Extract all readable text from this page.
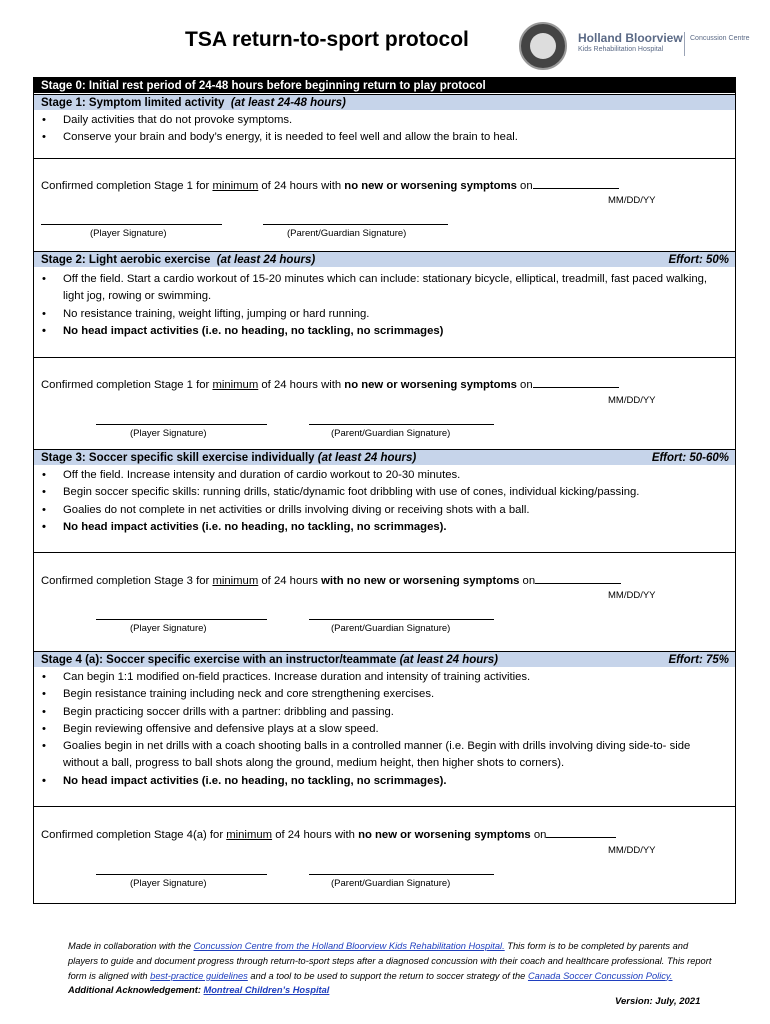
TSA return-to-sport protocol	Holland Bloorview
Kids Rehabilitation Hospital
Concussion Centre
Stage 0: Initial rest period of 24-48 hours before beginning return to play protocol
Stage 1: Symptom limited activity (at least 24-48 hours)
• Daily activities that do not provoke symptoms.
• Conserve your brain and body’s energy, it is needed to feel well and allow the brain to heal.
Confirmed completion Stage 1 for minimum of 24 hours with no new or worsening symptoms on
MM/DD/YY
(Player Signature)	(Parent/Guardian Signature)
Stage 2: Light aerobic exercise (at least 24 hours)	Effort: 50%
• Off the field. Start a cardio workout of 15-20 minutes which can include: stationary bicycle, elliptical, treadmill, fast paced walking, light jog, rowing or swimming.
• No resistance training, weight lifting, jumping or hard running.
• No head impact activities (i.e. no heading, no tackling, no scrimmages)
Confirmed completion Stage 1 for minimum of 24 hours with no new or worsening symptoms on
MM/DD/YY
(Player Signature)	(Parent/Guardian Signature)
Stage 3: Soccer specific skill exercise individually (at least 24 hours)	Effort: 50-60%
• Off the field. Increase intensity and duration of cardio workout to 20-30 minutes.
• Begin soccer specific skills: running drills, static/dynamic foot dribbling with use of cones, individual kicking/passing.
• Goalies do not complete in net activities or drills involving diving or receiving shots with a ball.
• No head impact activities (i.e. no heading, no tackling, no scrimmages).
Confirmed completion Stage 3 for minimum of 24 hours with no new or worsening symptoms on
MM/DD/YY
(Player Signature)	(Parent/Guardian Signature)
Stage 4 (a): Soccer specific exercise with an instructor/teammate (at least 24 hours)	Effort: 75%
• Can begin 1:1 modified on-field practices. Increase duration and intensity of training activities.
• Begin resistance training including neck and core strengthening exercises.
• Begin practicing soccer drills with a partner: dribbling and passing.
• Begin reviewing offensive and defensive plays at a slow speed.
• Goalies begin in net drills with a coach shooting balls in a controlled manner (i.e. Begin with drills involving diving side-to- side without a ball, progress to ball shots along the ground, medium height, then higher shots to corners).
• No head impact activities (i.e. no heading, no tackling, no scrimmages).
Confirmed completion Stage 4(a) for minimum of 24 hours with no new or worsening symptoms on
MM/DD/YY
(Player Signature)	(Parent/Guardian Signature)
Made in collaboration with the Concussion Centre from the Holland Bloorview Kids Rehabilitation Hospital. This form is to be completed by parents and players to guide and document progress through return-to-sport steps after a diagnosed concussion with their coach and healthcare professional. This report form is aligned with best-practice guidelines and a tool to be used to support the return to soccer strategy of the Canada Soccer Concussion Policy. Additional Acknowledgement: Montreal Children’s Hospital
Version: July, 2021
